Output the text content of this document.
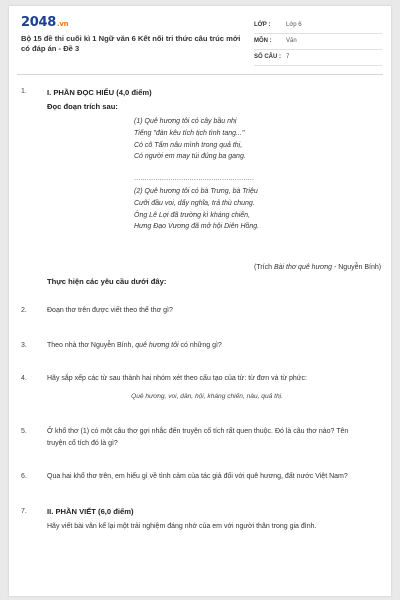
2048.vn
Bộ 15 đề thi cuối kì 1 Ngữ văn 6 Kết nối tri thức câu trúc mới có đáp án - Đề 3
LỚP :	Lớp 6
MÔN : Văn
SỐ CÂU : 7
1.	I. PHẦN ĐỌC HIỂU (4,0 điểm)
Đọc đoạn trích sau:
(1) Quê hương tôi có cây bầu nhị
Tiếng "đàn kêu tích tịch tình tang..."
Có cô Tấm nâu mình trong quả thị,
Có người em may túi đúng ba gang.
........................................................
(2) Quê hương tôi có bà Trưng, bà Triệu
Cưỡi đầu voi, dấy nghĩa, trả thù chung.
Ông Lê Lợi đã trường kì kháng chiến,
Hưng Đạo Vương đã mở hội Diên Hồng.
(Trích Bài thơ quê hương - Nguyễn Bính)
Thực hiện các yêu cầu dưới đây:
2.	Đoạn thơ trên được viết theo thể thơ gì?
3.	Theo nhà thơ Nguyễn Bính, quê hương tôi có những gì?
4.	Hãy sắp xếp các từ sau thành hai nhóm xét theo cấu tạo của từ: từ đơn và từ phức:
Quê hương, voi, dân, hội, kháng chiến, nâu, quả thị.
5.	Ở khổ thơ (1) có một câu thơ gợi nhắc đến truyện cổ tích rất quen thuộc. Đó là câu thơ nào? Tên
truyện cổ tích đó là gì?
6.	Qua hai khổ thơ trên, em hiểu gì về tình cảm của tác giả đối với quê hương, đất nước Việt Nam?
7.	II. PHẦN VIẾT (6,0 điểm)
Hãy viết bài văn kể lại một trải nghiệm đáng nhớ của em với người thân trong gia đình.
